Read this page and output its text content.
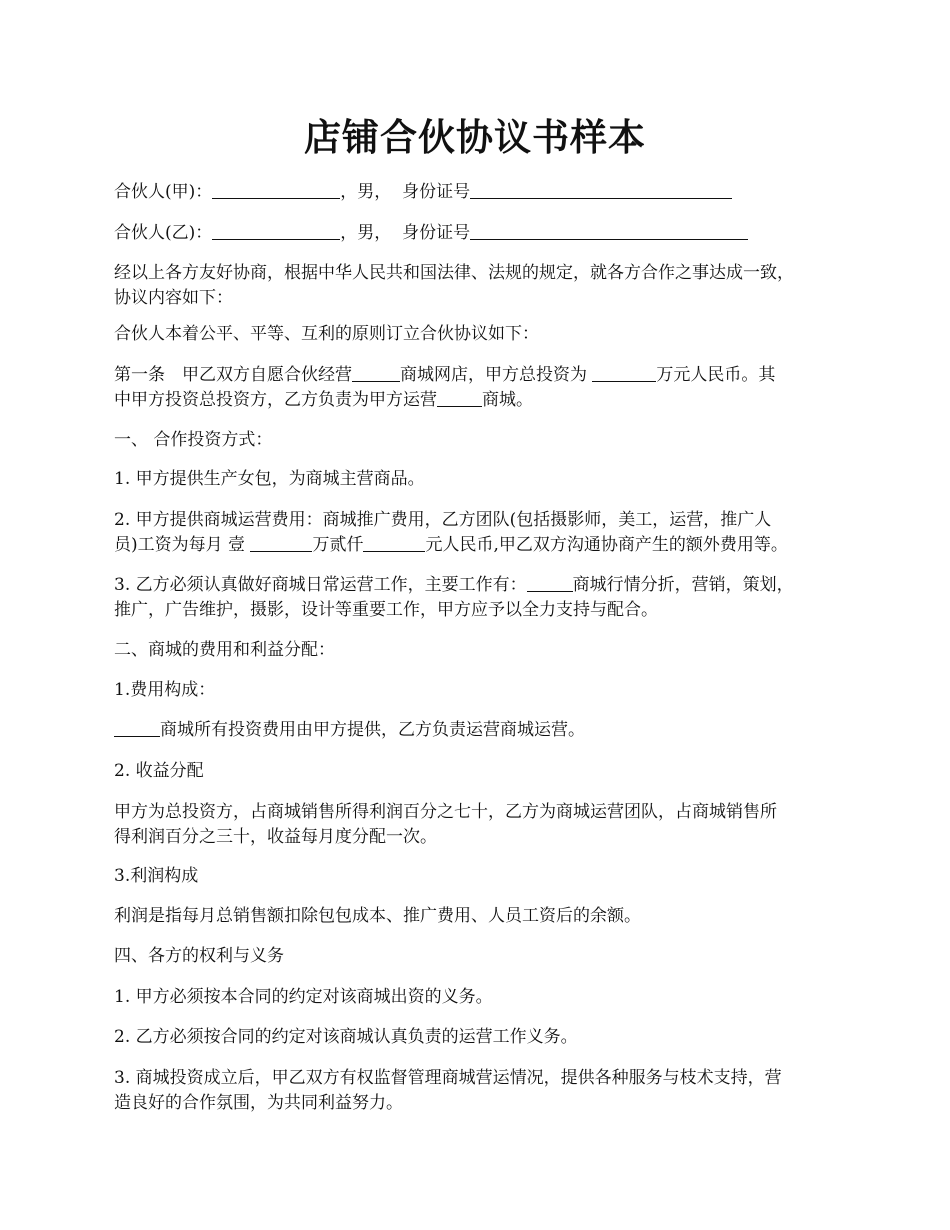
店铺合伙协议书样本

合伙人(甲)：	，男， 身份证号

合伙人(乙)：	，男， 身份证号

经以上各方友好协商，根据中华人民共和国法律、法规的规定，就各方合作之事达成一致，

协议内容如下：

合伙人本着公平、平等、互利的原则订立合伙协议如下：

第一条　甲乙双方自愿合伙经营	商城网店，甲方总投资为	万元人民币。其

中甲方投资总投资方，乙方负责为甲方运营	商城。

一、 合作投资方式：

1. 甲方提供生产女包，为商城主营商品。

2. 甲方提供商城运营费用：商城推广费用，乙方团队(包括摄影师，美工，运营，推广人

员)工资为每月 壹	万贰仟	元人民币,甲乙双方沟通协商产生的额外费用等。

3. 乙方必须认真做好商城日常运营工作，主要工作有：	商城行情分折，营销，策划，

推广，广告维护，摄影，设计等重要工作，甲方应予以全力支持与配合。

二、商城的费用和利益分配：

1.费用构成：

商城所有投资费用由甲方提供，乙方负责运营商城运营。

2. 收益分配

甲方为总投资方，占商城销售所得利润百分之七十，乙方为商城运营团队，占商城销售所

得利润百分之三十，收益每月度分配一次。

3.利润构成

利润是指每月总销售额扣除包包成本、推广费用、人员工资后的余额。

四、各方的权利与义务

1. 甲方必须按本合同的约定对该商城出资的义务。

2. 乙方必须按合同的约定对该商城认真负责的运营工作义务。

3. 商城投资成立后，甲乙双方有权监督管理商城营运情况，提供各种服务与枝术支持，营

造良好的合作氛围，为共同利益努力。
